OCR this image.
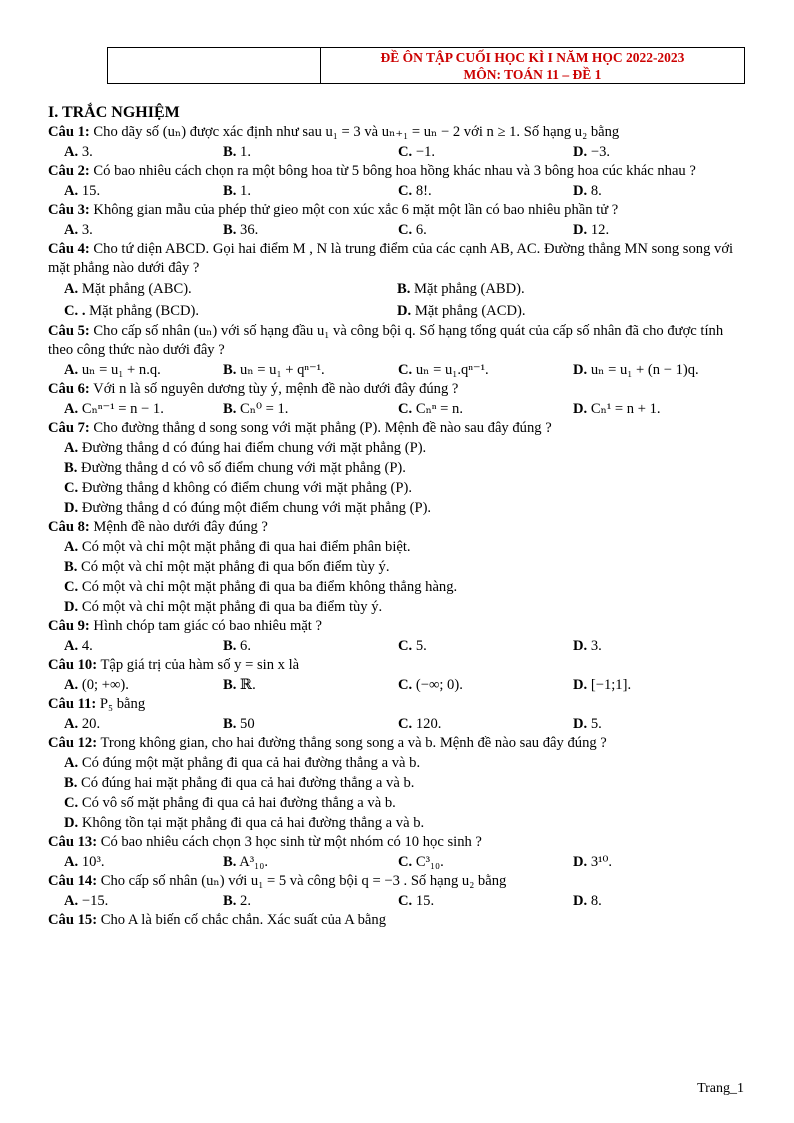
ĐỀ ÔN TẬP CUỐI HỌC KÌ I NĂM HỌC 2022-2023
MÔN: TOÁN 11 – ĐỀ 1
I. TRẮC NGHIỆM
Câu 1: Cho dãy số (uₙ) được xác định như sau u₁ = 3 và uₙ₊₁ = uₙ − 2 với n ≥ 1. Số hạng u₂ bằng
A. 3.	B. 1.	C. −1.	D. −3.
Câu 2: Có bao nhiêu cách chọn ra một bông hoa từ 5 bông hoa hồng khác nhau và 3 bông hoa cúc khác nhau ?
A. 15.	B. 1.	C. 8!.	D. 8.
Câu 3: Không gian mẫu của phép thử gieo một con xúc xắc 6 mặt một lần có bao nhiêu phần tử ?
A. 3.	B. 36.	C. 6.	D. 12.
Câu 4: Cho tứ diện ABCD. Gọi hai điểm M , N là trung điểm của các cạnh AB, AC. Đường thẳng MN song song với mặt phẳng nào dưới đây ?
A. Mặt phẳng (ABC).	B. Mặt phẳng (ABD).
C. . Mặt phẳng (BCD).	D. Mặt phẳng (ACD).
Câu 5: Cho cấp số nhân (uₙ) với số hạng đầu u₁ và công bội q. Số hạng tổng quát của cấp số nhân đã cho được tính theo công thức nào dưới đây ?
A. uₙ = u₁ + n.q.	B. uₙ = u₁ + qⁿ⁻¹.	C. uₙ = u₁.qⁿ⁻¹.	D. uₙ = u₁ + (n − 1)q.
Câu 6: Với n là số nguyên dương tùy ý, mệnh đề nào dưới đây đúng ?
A. Cₙⁿ⁻¹ = n − 1.	B. Cₙ⁰ = 1.	C. Cₙⁿ = n.	D. Cₙ¹ = n + 1.
Câu 7: Cho đường thẳng d song song với mặt phẳng (P). Mệnh đề nào sau đây đúng ?
A. Đường thẳng d có đúng hai điểm chung với mặt phẳng (P).
B. Đường thẳng d có vô số điểm chung với mặt phẳng (P).
C. Đường thẳng d không có điểm chung với mặt phẳng (P).
D. Đường thẳng d có đúng một điểm chung với mặt phẳng (P).
Câu 8: Mệnh đề nào dưới đây đúng ?
A. Có một và chỉ một mặt phẳng đi qua hai điểm phân biệt.
B. Có một và chỉ một mặt phẳng đi qua bốn điểm tùy ý.
C. Có một và chỉ một mặt phẳng đi qua ba điểm không thẳng hàng.
D. Có một và chỉ một mặt phẳng đi qua ba điểm tùy ý.
Câu 9: Hình chóp tam giác có bao nhiêu mặt ?
A. 4.	B. 6.	C. 5.	D. 3.
Câu 10: Tập giá trị của hàm số y = sin x là
A. (0; +∞).	B. ℝ.	C. (−∞; 0).	D. [−1;1].
Câu 11: P₅ bằng
A. 20.	B. 50	C. 120.	D. 5.
Câu 12: Trong không gian, cho hai đường thẳng song song a và b. Mệnh đề nào sau đây đúng ?
A. Có đúng một mặt phẳng đi qua cả hai đường thẳng a và b.
B. Có đúng hai mặt phẳng đi qua cả hai đường thẳng a và b.
C. Có vô số mặt phẳng đi qua cả hai đường thẳng a và b.
D. Không tồn tại mặt phẳng đi qua cả hai đường thẳng a và b.
Câu 13: Có bao nhiêu cách chọn 3 học sinh từ một nhóm có 10 học sinh ?
A. 10³.	B. A³₁₀.	C. C³₁₀.	D. 3¹⁰.
Câu 14: Cho cấp số nhân (uₙ) với u₁ = 5 và công bội q = −3 . Số hạng u₂ bằng
A. −15.	B. 2.	C. 15.	D. 8.
Câu 15: Cho A là biến cố chắc chắn. Xác suất của A bằng
Trang_1
